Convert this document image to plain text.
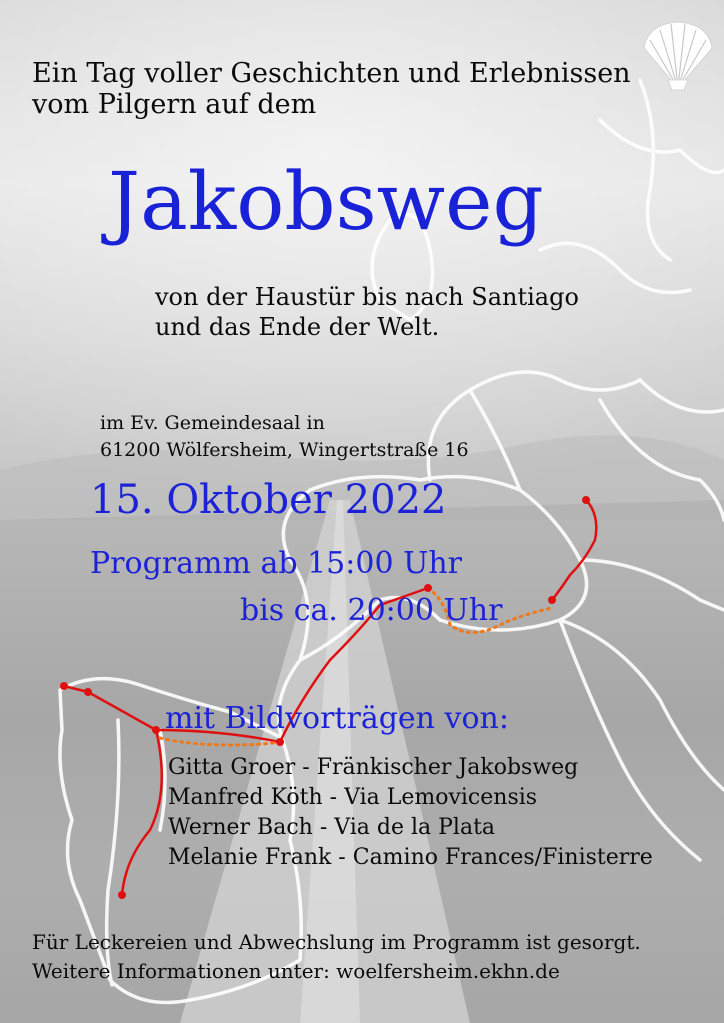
Ein Tag voller Geschichten und Erlebnissen
vom Pilgern auf dem
Jakobsweg
von der Haustür bis nach Santiago
und das Ende der Welt.
im Ev. Gemeindesaal in
61200 Wölfersheim, Wingertstraße 16
15. Oktober 2022
Programm ab 15:00 Uhr
bis ca. 20:00 Uhr
mit Bildvorträgen von:
Gitta Groer - Fränkischer Jakobsweg
Manfred Köth - Via Lemovicensis
Werner Bach - Via de la Plata
Melanie Frank - Camino Frances/Finisterre
Für Leckereien und Abwechslung im Programm ist gesorgt.
Weitere Informationen unter: woelfersheim.ekhn.de
